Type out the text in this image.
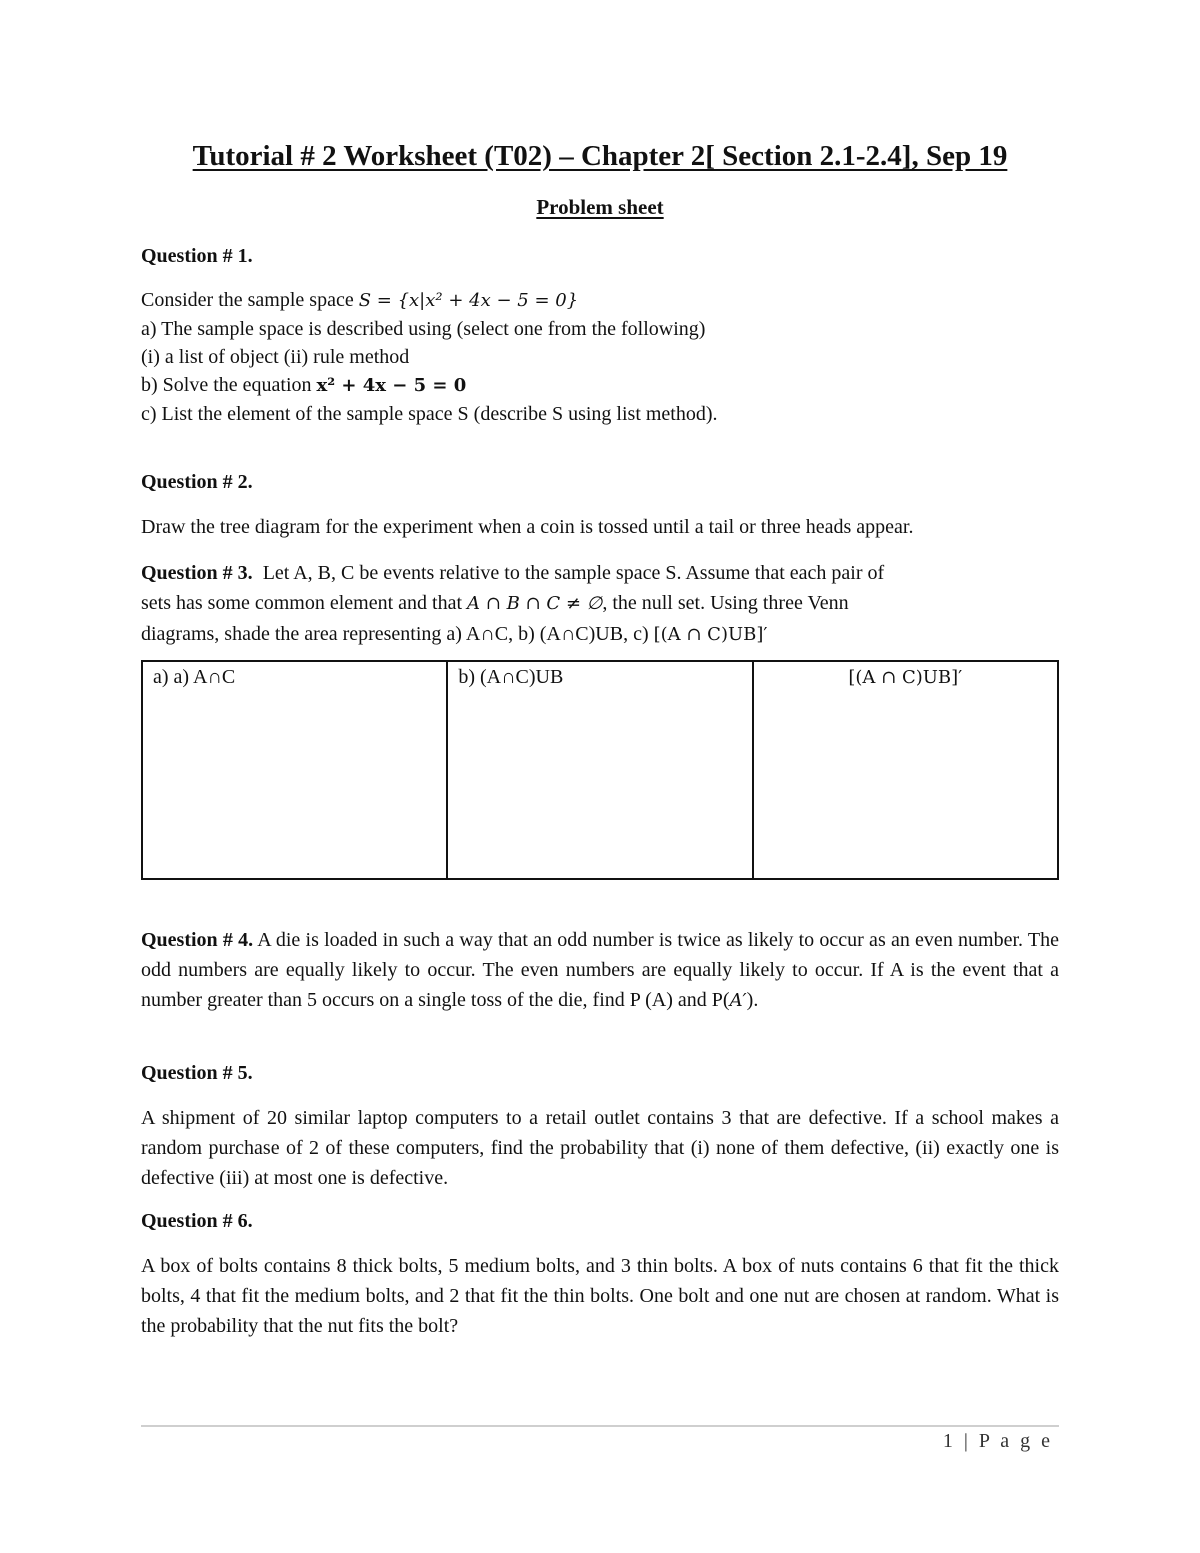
Tutorial # 2 Worksheet (T02) – Chapter 2[ Section 2.1-2.4], Sep 19
Problem sheet
Question # 1.
Consider the sample space S = {x|x² + 4x − 5 = 0}
a) The sample space is described using (select one from the following)
(i) a list of object (ii) rule method
b) Solve the equation x² + 4x − 5 = 0
c) List the element of the sample space S (describe S using list method).
Question # 2.
Draw the tree diagram for the experiment when a coin is tossed until a tail or three heads appear.
Question # 3.  Let A, B, C be events relative to the sample space S. Assume that each pair of
sets has some common element and that A ∩ B ∩ C ≠ ∅, the null set. Using three Venn
diagrams, shade the area representing a) A∩C, b) (A∩C)UB, c) [(A ∩ C)UB]′
a) a) A∩C	b) (A∩C)UB	[(A ∩ C)UB]′
Question # 4. A die is loaded in such a way that an odd number is twice as likely to occur as an even number. The odd numbers are equally likely to occur. The even numbers are equally likely to occur. If A is the event that a number greater than 5 occurs on a single toss of the die, find P (A) and P(A′).
Question # 5.
A shipment of 20 similar laptop computers to a retail outlet contains 3 that are defective. If a school makes a random purchase of 2 of these computers, find the probability that (i) none of them defective, (ii) exactly one is defective (iii) at most one is defective.
Question # 6.
A box of bolts contains 8 thick bolts, 5 medium bolts, and 3 thin bolts. A box of nuts contains 6 that fit the thick bolts, 4 that fit the medium bolts, and 2 that fit the thin bolts. One bolt and one nut are chosen at random. What is the probability that the nut fits the bolt?
1 | P a g e
